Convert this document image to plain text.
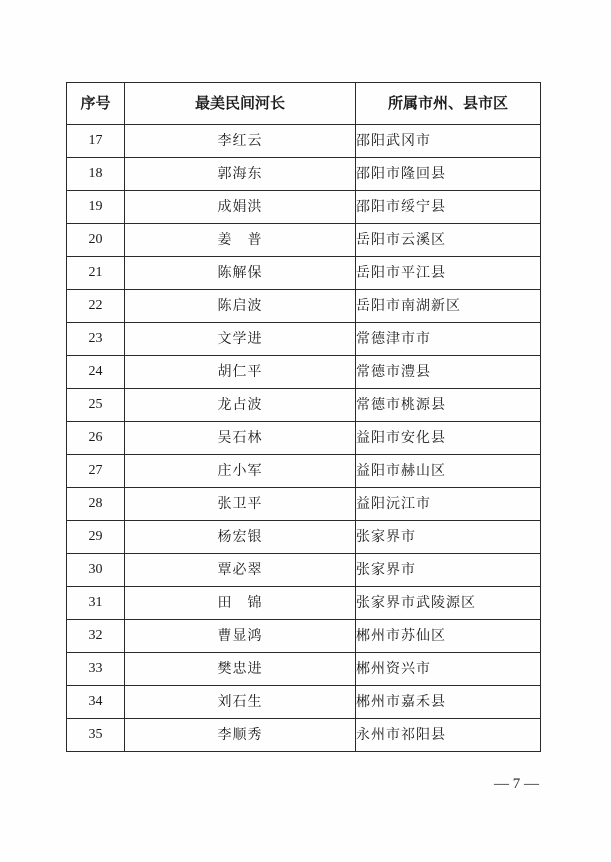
序号	最美民间河长	所属市州、县市区
17	李红云	邵阳武冈市
18	郭海东	邵阳市隆回县
19	成娟洪	邵阳市绥宁县
20	姜　普	岳阳市云溪区
21	陈解保	岳阳市平江县
22	陈启波	岳阳市南湖新区
23	文学进	常德津市市
24	胡仁平	常德市澧县
25	龙占波	常德市桃源县
26	吴石林	益阳市安化县
27	庄小军	益阳市赫山区
28	张卫平	益阳沅江市
29	杨宏银	张家界市
30	覃必翠	张家界市
31	田　锦	张家界市武陵源区
32	曹显鸿	郴州市苏仙区
33	樊忠进	郴州资兴市
34	刘石生	郴州市嘉禾县
35	李顺秀	永州市祁阳县
— 7 —
